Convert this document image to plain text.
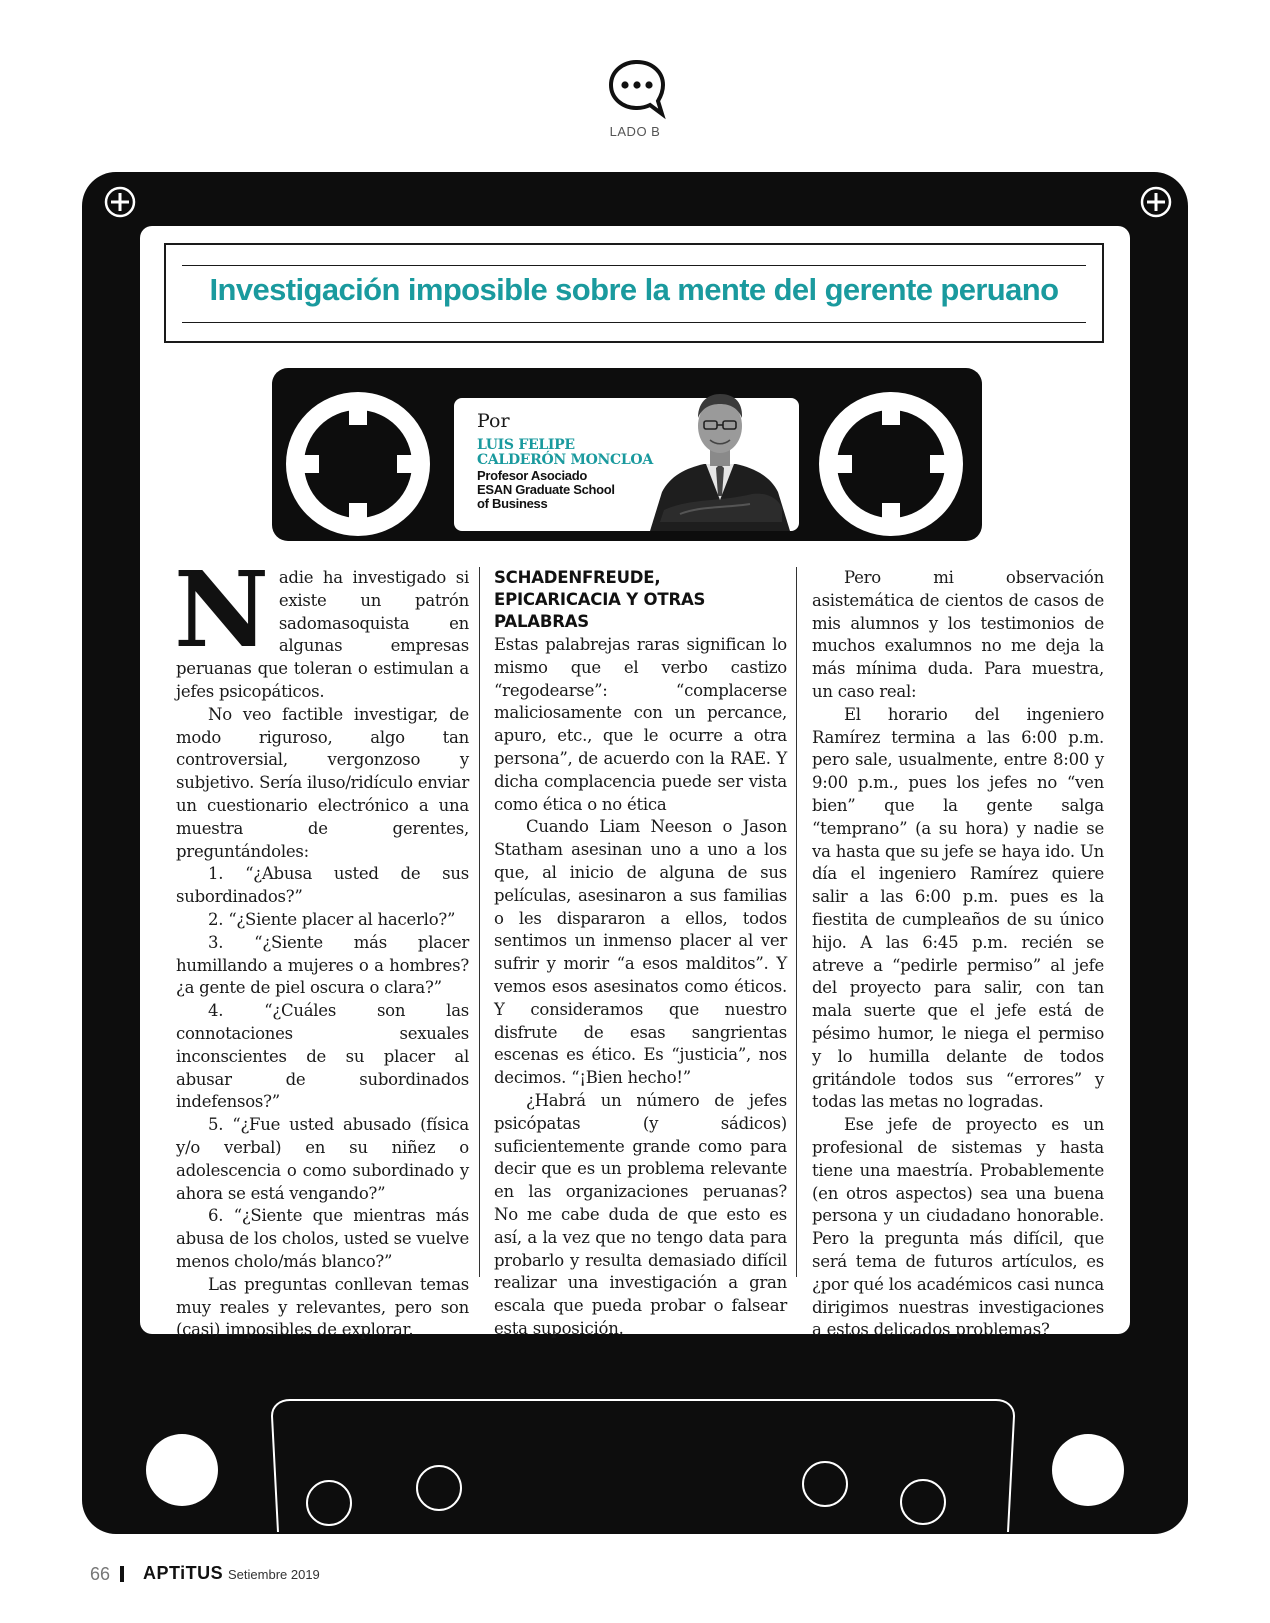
LADO B
Investigación imposible sobre la mente del gerente peruano
Por
LUIS FELIPE
CALDERÓN MONCLOA
Profesor Asociado
ESAN Graduate School
of Business

Nadie ha investigado si existe un patrón sadomasoquista en algunas empresas peruanas que toleran o estimulan a jefes psicopáticos.

No veo factible investigar, de modo riguroso, algo tan controversial, vergonzoso y subjetivo. Sería iluso/ridículo enviar un cuestionario electrónico a una muestra de gerentes, preguntándoles:

1. “¿Abusa usted de sus subordinados?”

2. “¿Siente placer al hacerlo?”

3. “¿Siente más placer humillando a mujeres o a hombres? ¿a gente de piel oscura o clara?”

4. “¿Cuáles son las connotaciones sexuales inconscientes de su placer al abusar de subordinados indefensos?”

5. “¿Fue usted abusado (física y/o verbal) en su niñez o adolescencia o como subordinado y ahora se está vengando?”

6. “¿Siente que mientras más abusa de los cholos, usted se vuelve menos cholo/más blanco?”

Las preguntas conllevan temas muy reales y relevantes, pero son (casi) imposibles de explorar.

SCHADENFREUDE, EPICARICACIA Y OTRAS PALABRAS

Estas palabrejas raras significan lo mismo que el verbo castizo “regodearse”: “complacerse maliciosamente con un percance, apuro, etc., que le ocurre a otra persona”, de acuerdo con la RAE. Y dicha complacencia puede ser vista como ética o no ética

Cuando Liam Neeson o Jason Statham asesinan uno a uno a los que, al inicio de alguna de sus películas, asesinaron a sus familias o les dispararon a ellos, todos sentimos un inmenso placer al ver sufrir y morir “a esos malditos”. Y vemos esos asesinatos como éticos. Y consideramos que nuestro disfrute de esas sangrientas escenas es ético. Es “justicia”, nos decimos. “¡Bien hecho!”

¿Habrá un número de jefes psicópatas (y sádicos) suficientemente grande como para decir que es un problema relevante en las organizaciones peruanas? No me cabe duda de que esto es así, a la vez que no tengo data para probarlo y resulta demasiado difícil realizar una investigación a gran escala que pueda probar o falsear esta suposición.

Pero mi observación asistemática de cientos de casos de mis alumnos y los testimonios de muchos exalumnos no me deja la más mínima duda. Para muestra, un caso real:

El horario del ingeniero Ramírez termina a las 6:00 p.m. pero sale, usualmente, entre 8:00 y 9:00 p.m., pues los jefes no “ven bien” que la gente salga “temprano” (a su hora) y nadie se va hasta que su jefe se haya ido. Un día el ingeniero Ramírez quiere salir a las 6:00 p.m. pues es la fiestita de cumpleaños de su único hijo. A las 6:45 p.m. recién se atreve a “pedirle permiso” al jefe del proyecto para salir, con tan mala suerte que el jefe está de pésimo humor, le niega el permiso y lo humilla delante de todos gritándole todos sus “errores” y todas las metas no logradas.

Ese jefe de proyecto es un profesional de sistemas y hasta tiene una maestría. Probablemente (en otros aspectos) sea una buena persona y un ciudadano honorable. Pero la pregunta más difícil, que será tema de futuros artículos, es ¿por qué los académicos casi nunca dirigimos nuestras investigaciones a estos delicados problemas?

66 APTiTUS Setiembre 2019
